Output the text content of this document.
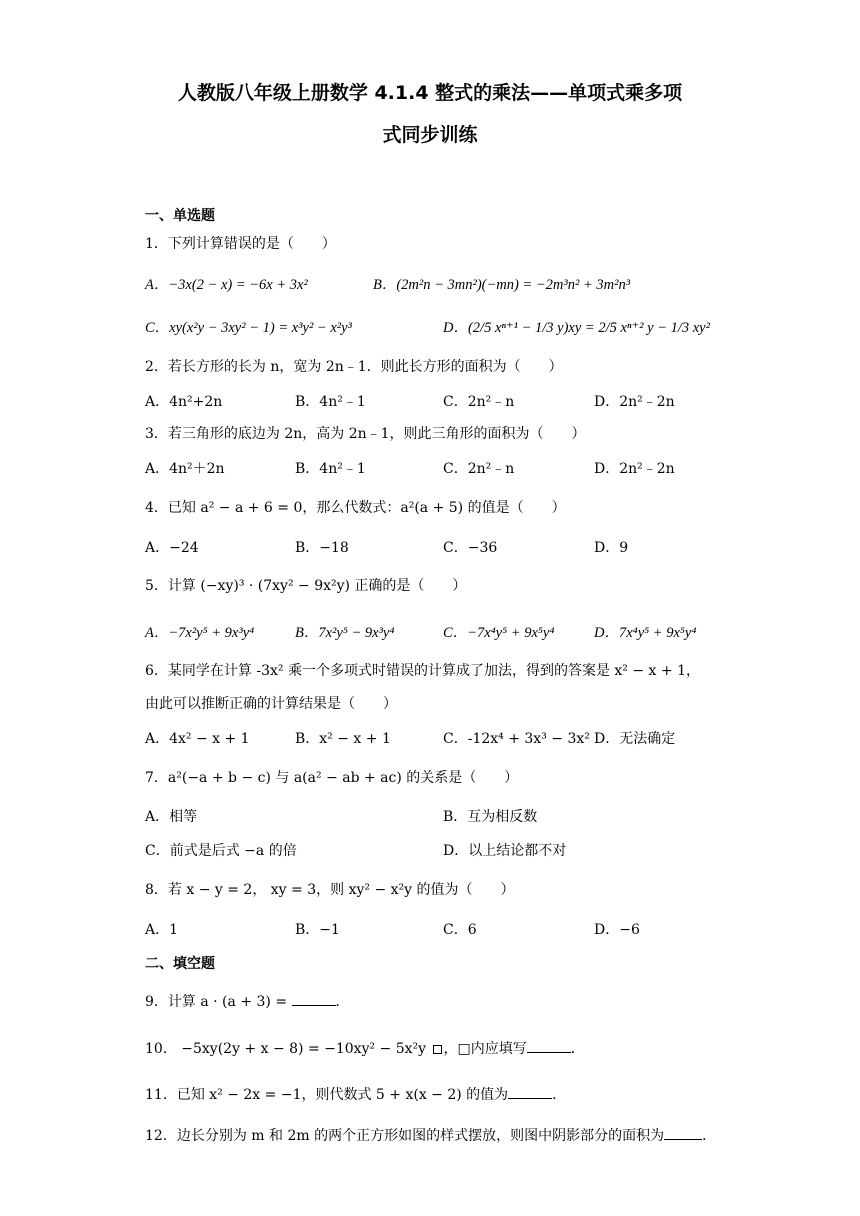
人教版八年级上册数学 4.1.4 整式的乘法——单项式乘多项
式同步训练
一、单选题
1．下列计算错误的是（　　）
A．−3x(2 − x) = −6x + 3x²	B．(2m²n − 3mn²)(−mn) = −2m³n² + 3m²n³
C．xy(x²y − 3xy² − 1) = x³y² − x²y³	D．(2/5 xⁿ⁺¹ − 1/3 y)xy = 2/5 xⁿ⁺² y − 1/3 xy²
2．若长方形的长为 n，宽为 2n﹣1．则此长方形的面积为（　　）
A．4n²+2n	B．4n²﹣1	C．2n²﹣n	D．2n²﹣2n
3．若三角形的底边为 2n，高为 2n﹣1，则此三角形的面积为（　　）
A．4n²＋2n	B．4n²﹣1	C．2n²﹣n	D．2n²﹣2n
4．已知 a² − a + 6 = 0，那么代数式：a²(a + 5) 的值是（　　）
A．−24	B．−18	C．−36	D．9
5．计算 (−xy)³ · (7xy² − 9x²y) 正确的是（　　）
A．−7x²y⁵ + 9x³y⁴	B．7x²y⁵ − 9x³y⁴	C．−7x⁴y⁵ + 9x⁵y⁴	D．7x⁴y⁵ + 9x⁵y⁴
6．某同学在计算 -3x² 乘一个多项式时错误的计算成了加法，得到的答案是 x² − x + 1，
由此可以推断正确的计算结果是（　　）
A．4x² − x + 1	B．x² − x + 1	C．-12x⁴ + 3x³ − 3x² D．无法确定
7．a²(−a + b − c) 与 a(a² − ab + ac) 的关系是（　　）
A．相等	B．互为相反数
C．前式是后式 −a 的倍	D．以上结论都不对
8．若 x − y = 2， xy = 3，则 xy² − x²y 的值为（　　）
A．1	B．−1	C．6	D．−6
二、填空题
9．计算 a · (a + 3) =	．
10． −5xy(2y + x − 8) = −10xy² − 5x²y ，□内应填写	．
11．已知 x² − 2x = −1，则代数式 5 + x(x − 2) 的值为	．
12．边长分别为 m 和 2m 的两个正方形如图的样式摆放，则图中阴影部分的面积为	．
